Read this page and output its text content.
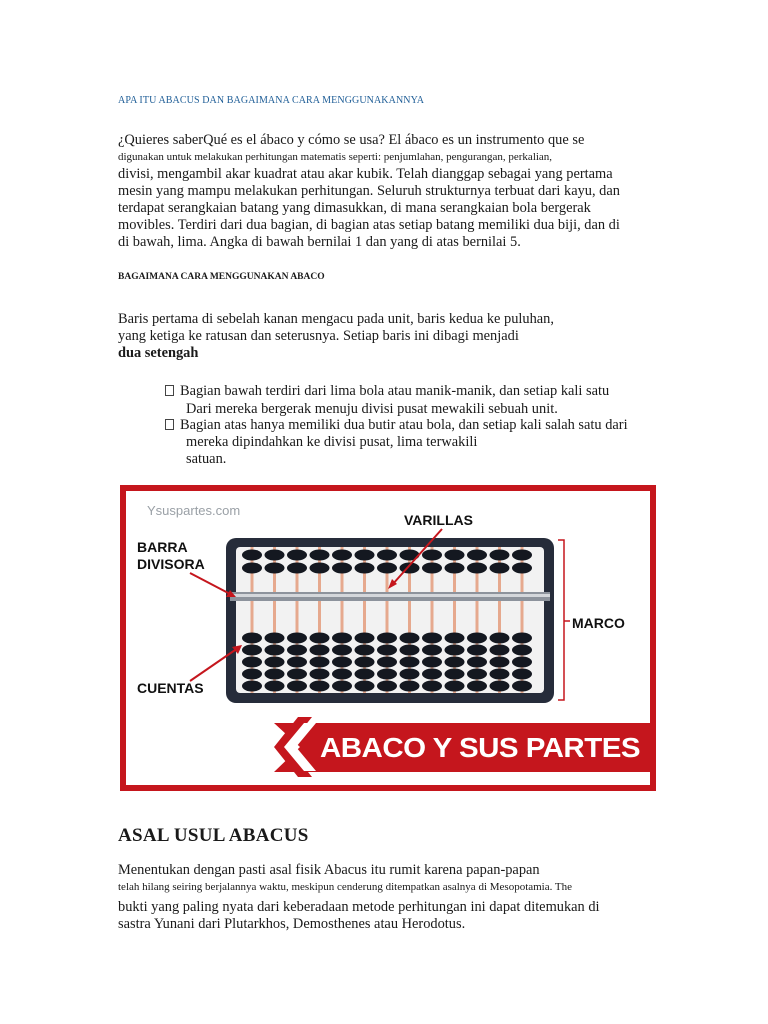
APA ITU ABACUS DAN BAGAIMANA CARA MENGGUNAKANNYA
¿Quieres saberQué es el ábaco y cómo se usa? El ábaco es un instrumento que se
digunakan untuk melakukan perhitungan matematis seperti: penjumlahan, pengurangan, perkalian,
divisi, mengambil akar kuadrat atau akar kubik. Telah dianggap sebagai yang pertama
mesin yang mampu melakukan perhitungan. Seluruh strukturnya terbuat dari kayu, dan
terdapat serangkaian batang yang dimasukkan, di mana serangkaian bola bergerak
movibles. Terdiri dari dua bagian, di bagian atas setiap batang memiliki dua biji, dan di
di bawah, lima. Angka di bawah bernilai 1 dan yang di atas bernilai 5.
BAGAIMANA CARA MENGGUNAKAN ABACO
Baris pertama di sebelah kanan mengacu pada unit, baris kedua ke puluhan,
yang ketiga ke ratusan dan seterusnya. Setiap baris ini dibagi menjadi
dua setengah
Bagian bawah terdiri dari lima bola atau manik-manik, dan setiap kali satu
Dari mereka bergerak menuju divisi pusat mewakili sebuah unit.
Bagian atas hanya memiliki dua butir atau bola, dan setiap kali salah satu dari
mereka dipindahkan ke divisi pusat, lima terwakili
satuan.
Ysuspartes.com
VARILLAS
BARRA
DIVISORA
MARCO
CUENTAS
ABACO Y SUS PARTES
ASAL USUL ABACUS
Menentukan dengan pasti asal fisik Abacus itu rumit karena papan-papan
telah hilang seiring berjalannya waktu, meskipun cenderung ditempatkan asalnya di Mesopotamia. The
bukti yang paling nyata dari keberadaan metode perhitungan ini dapat ditemukan di
sastra Yunani dari Plutarkhos, Demosthenes atau Herodotus.
